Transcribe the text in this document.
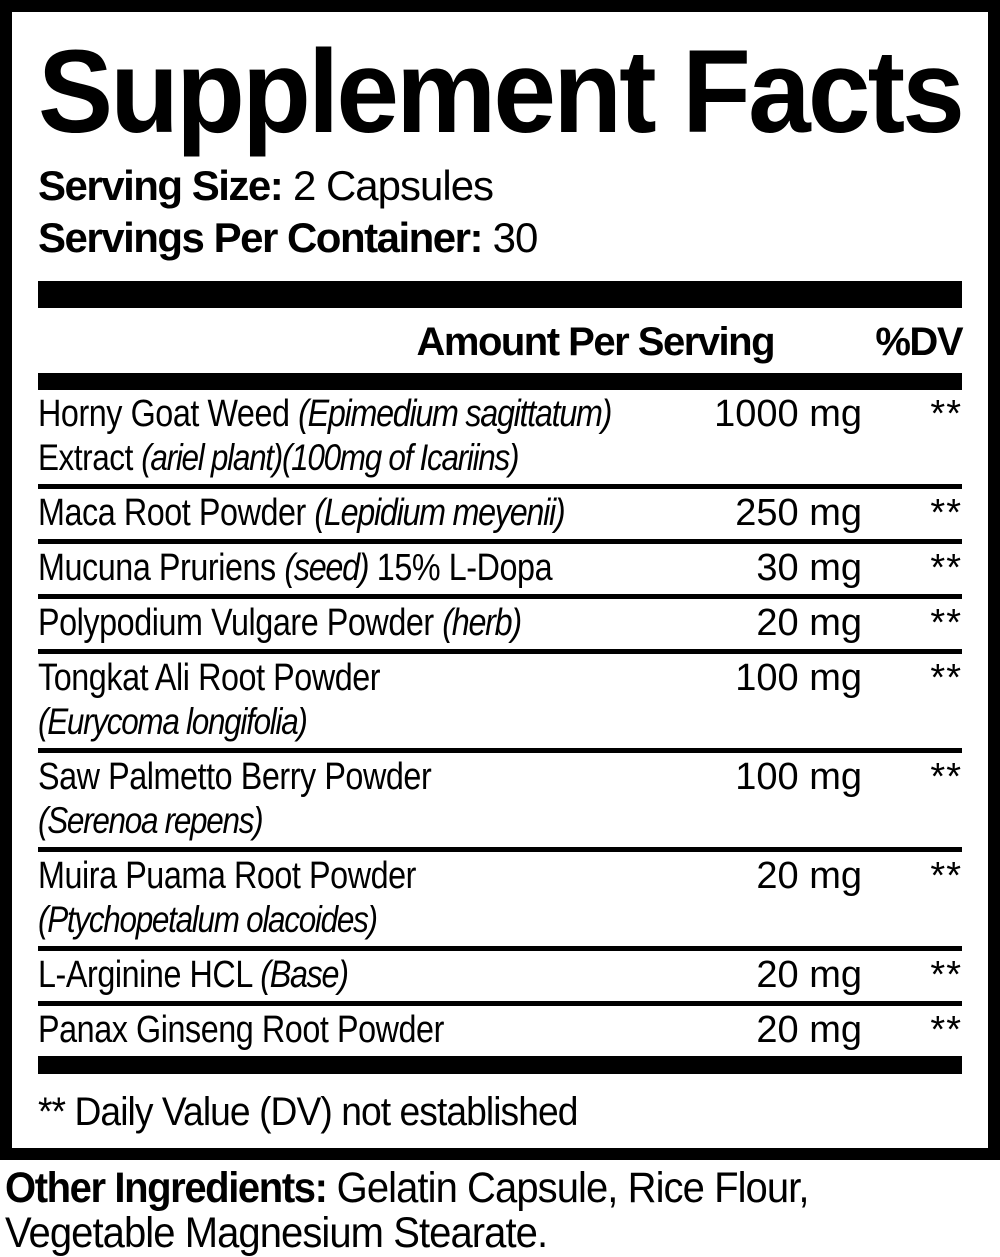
Supplement Facts
Serving Size: 2 Capsules
Servings Per Container: 30
Amount Per Serving	%DV
Horny Goat Weed (Epimedium sagittatum)
Extract (ariel plant)(100mg of Icariins)
1000 mg	**
Maca Root Powder (Lepidium meyenii)	250 mg	**
Mucuna Pruriens (seed) 15% L-Dopa	30 mg	**
Polypodium Vulgare Powder (herb)	20 mg	**
Tongkat Ali Root Powder
(Eurycoma longifolia)
100 mg	**
Saw Palmetto Berry Powder
(Serenoa repens)
100 mg	**
Muira Puama Root Powder
(Ptychopetalum olacoides)
20 mg	**
L-Arginine HCL (Base)	20 mg	**
Panax Ginseng Root Powder	20 mg	**
** Daily Value (DV) not established
Other Ingredients: Gelatin Capsule, Rice Flour,
Vegetable Magnesium Stearate.
